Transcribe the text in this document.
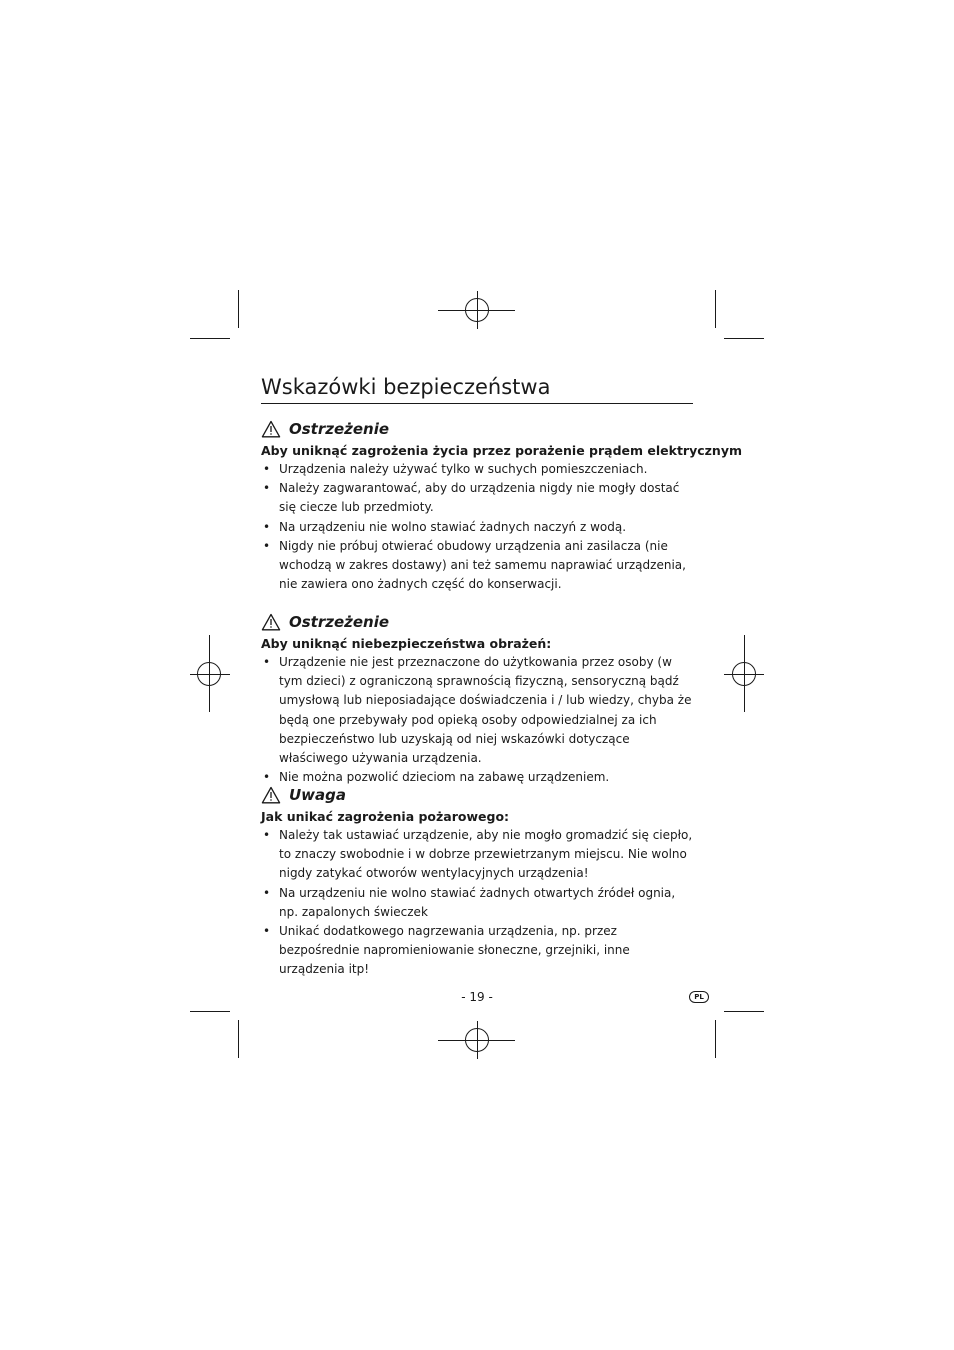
Wskazówki bezpieczeństwa
Ostrzeżenie
Aby uniknąć zagrożenia życia przez porażenie prądem elektrycznym
• Urządzenia należy używać tylko w suchych pomieszczeniach.
• Należy zagwarantować, aby do urządzenia nigdy nie mogły dostać się ciecze lub przedmioty.
• Na urządzeniu nie wolno stawiać żadnych naczyń z wodą.
• Nigdy nie próbuj otwierać obudowy urządzenia ani zasilacza (nie wchodzą w zakres dostawy) ani też samemu naprawiać urządzenia, nie zawiera ono żadnych część do konserwacji.
Ostrzeżenie
Aby uniknąć niebezpieczeństwa obrażeń:
• Urządzenie nie jest przeznaczone do użytkowania przez osoby (w tym dzieci) z ograniczoną sprawnością fizyczną, sensoryczną bądź umysłową lub nieposiadające doświadczenia i / lub wiedzy, chyba że będą one przebywały pod opieką osoby odpowiedzialnej za ich bezpieczeństwo lub uzyskają od niej wskazówki dotyczące właściwego używania urządzenia.
• Nie można pozwolić dzieciom na zabawę urządzeniem.
Uwaga
Jak unikać zagrożenia pożarowego:
• Należy tak ustawiać urządzenie, aby nie mogło gromadzić się ciepło, to znaczy swobodnie i w dobrze przewietrzanym miejscu. Nie wolno nigdy zatykać otworów wentylacyjnych urządzenia!
• Na urządzeniu nie wolno stawiać żadnych otwartych źródeł ognia, np. zapalonych świeczek
• Unikać dodatkowego nagrzewania urządzenia, np. przez bezpośrednie napromieniowanie słoneczne, grzejniki, inne urządzenia itp!
- 19 -	PL
